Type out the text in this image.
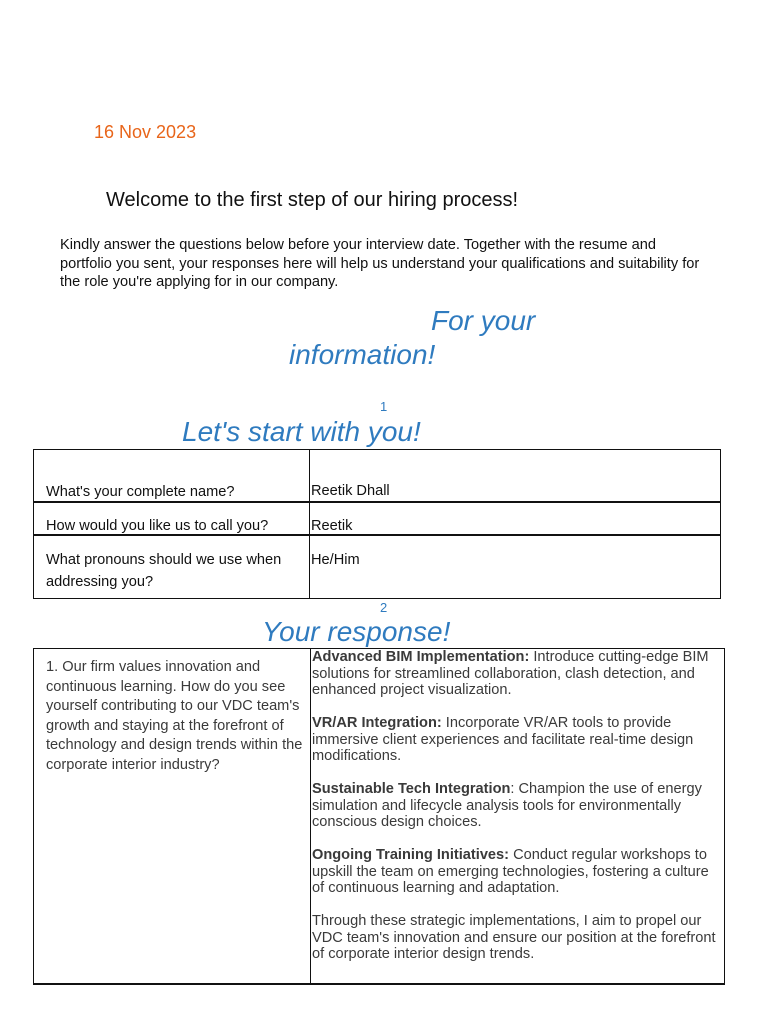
16 Nov 2023
Welcome to the first step of our hiring process!
Kindly answer the questions below before your interview date. Together with the resume and portfolio you sent, your responses here will help us understand your qualifications and suitability for the role you're applying for in our company.
For your
information!
1
Let's start with you!
What's your complete name?	Reetik Dhall
How would you like us to call you?	Reetik
What pronouns should we use when addressing you?
He/Him
2
Your response!
1. Our firm values innovation and continuous learning. How do you see yourself contributing to our VDC team's growth and staying at the forefront of technology and design trends within the corporate interior industry?

Advanced BIM Implementation: Introduce cutting-edge BIM solutions for streamlined collaboration, clash detection, and enhanced project visualization.

VR/AR Integration: Incorporate VR/AR tools to provide immersive client experiences and facilitate real-time design modifications.

Sustainable Tech Integration: Champion the use of energy simulation and lifecycle analysis tools for environmentally conscious design choices.

Ongoing Training Initiatives: Conduct regular workshops to upskill the team on emerging technologies, fostering a culture of continuous learning and adaptation.

Through these strategic implementations, I aim to propel our VDC team's innovation and ensure our position at the forefront of corporate interior design trends.
